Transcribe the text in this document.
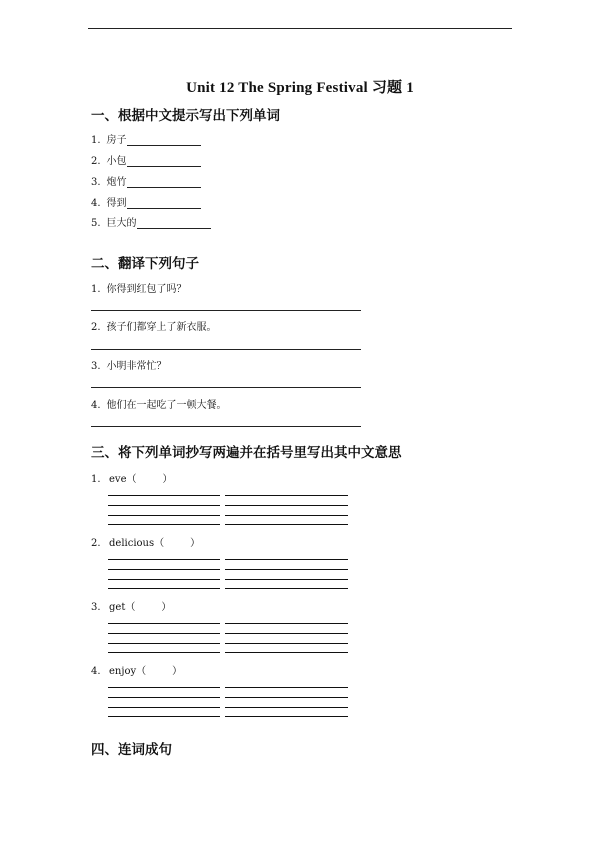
Unit 12 The Spring Festival 习题 1
一、根据中文提示写出下列单词
1. 房子
2. 小包
3. 炮竹
4. 得到
5. 巨大的
二、翻译下列句子
1. 你得到红包了吗？
2. 孩子们都穿上了新衣服。
3. 小明非常忙？
4. 他们在一起吃了一顿大餐。
三、将下列单词抄写两遍并在括号里写出其中文意思
1. eve（	）
2. delicious（	）
3. get（	）
4. enjoy（	）
四、连词成句
